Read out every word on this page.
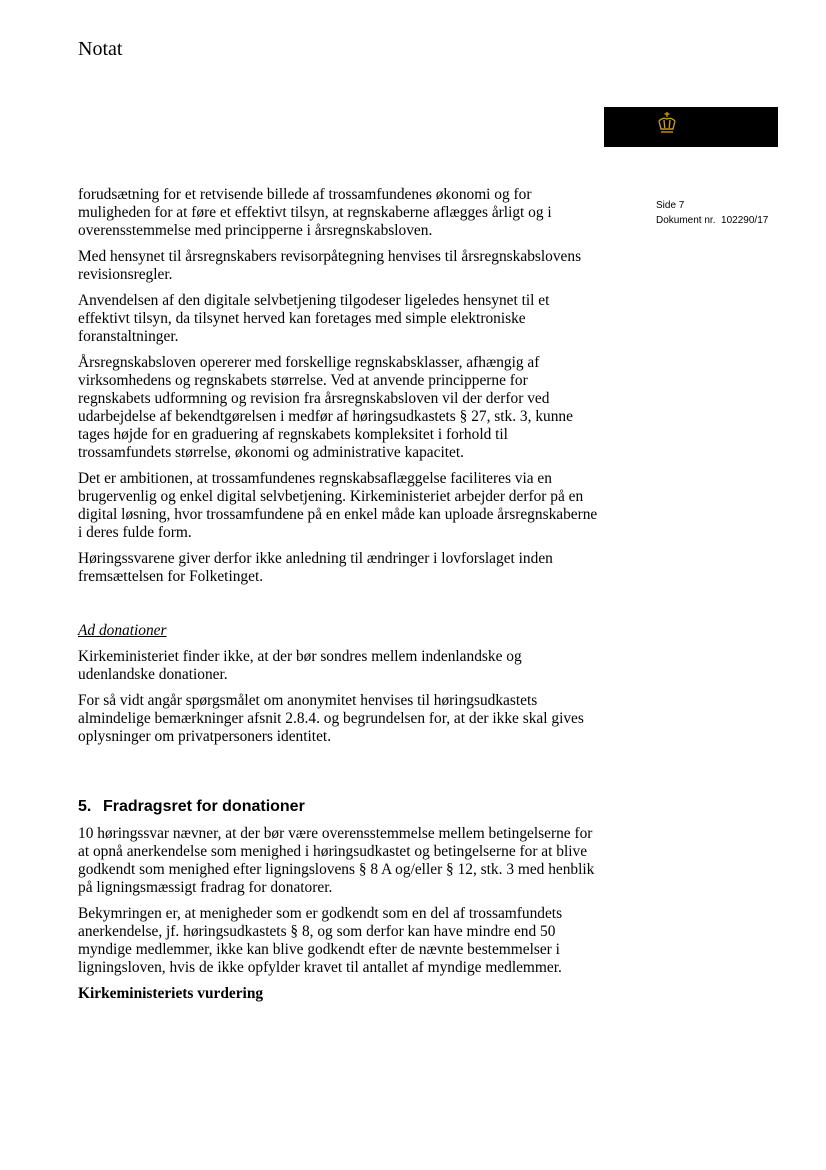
Notat
Side 7
Dokument nr. 102290/17

forudsætning for et retvisende billede af trossamfundenes økonomi og for muligheden for at føre et effektivt tilsyn, at regnskaberne aflægges årligt og i overensstemmelse med principperne i årsregnskabsloven.

Med hensynet til årsregnskabers revisorpåtegning henvises til årsregnskabslovens revisionsregler.

Anvendelsen af den digitale selvbetjening tilgodeser ligeledes hensynet til et effektivt tilsyn, da tilsynet herved kan foretages med simple elektroniske foranstaltninger.

Årsregnskabsloven opererer med forskellige regnskabsklasser, afhængig af virksomhedens og regnskabets størrelse. Ved at anvende principperne for regnskabets udformning og revision fra årsregnskabsloven vil der derfor ved udarbejdelse af bekendtgørelsen i medfør af høringsudkastets § 27, stk. 3, kunne tages højde for en graduering af regnskabets kompleksitet i forhold til trossamfundets størrelse, økonomi og administrative kapacitet.

Det er ambitionen, at trossamfundenes regnskabsaflæggelse faciliteres via en brugervenlig og enkel digital selvbetjening. Kirkeministeriet arbejder derfor på en digital løsning, hvor trossamfundene på en enkel måde kan uploade årsregnskaberne i deres fulde form.

Høringssvarene giver derfor ikke anledning til ændringer i lovforslaget inden fremsættelsen for Folketinget.

Ad donationer

Kirkeministeriet finder ikke, at der bør sondres mellem indenlandske og udenlandske donationer.

For så vidt angår spørgsmålet om anonymitet henvises til høringsudkastets almindelige bemærkninger afsnit 2.8.4. og begrundelsen for, at der ikke skal gives oplysninger om privatpersoners identitet.

5. Fradragsret for donationer

10 høringssvar nævner, at der bør være overensstemmelse mellem betingelserne for at opnå anerkendelse som menighed i høringsudkastet og betingelserne for at blive godkendt som menighed efter ligningslovens § 8 A og/eller § 12, stk. 3 med henblik på ligningsmæssigt fradrag for donatorer.

Bekymringen er, at menigheder som er godkendt som en del af trossamfundets anerkendelse, jf. høringsudkastets § 8, og som derfor kan have mindre end 50 myndige medlemmer, ikke kan blive godkendt efter de nævnte bestemmelser i ligningsloven, hvis de ikke opfylder kravet til antallet af myndige medlemmer.

Kirkeministeriets vurdering
